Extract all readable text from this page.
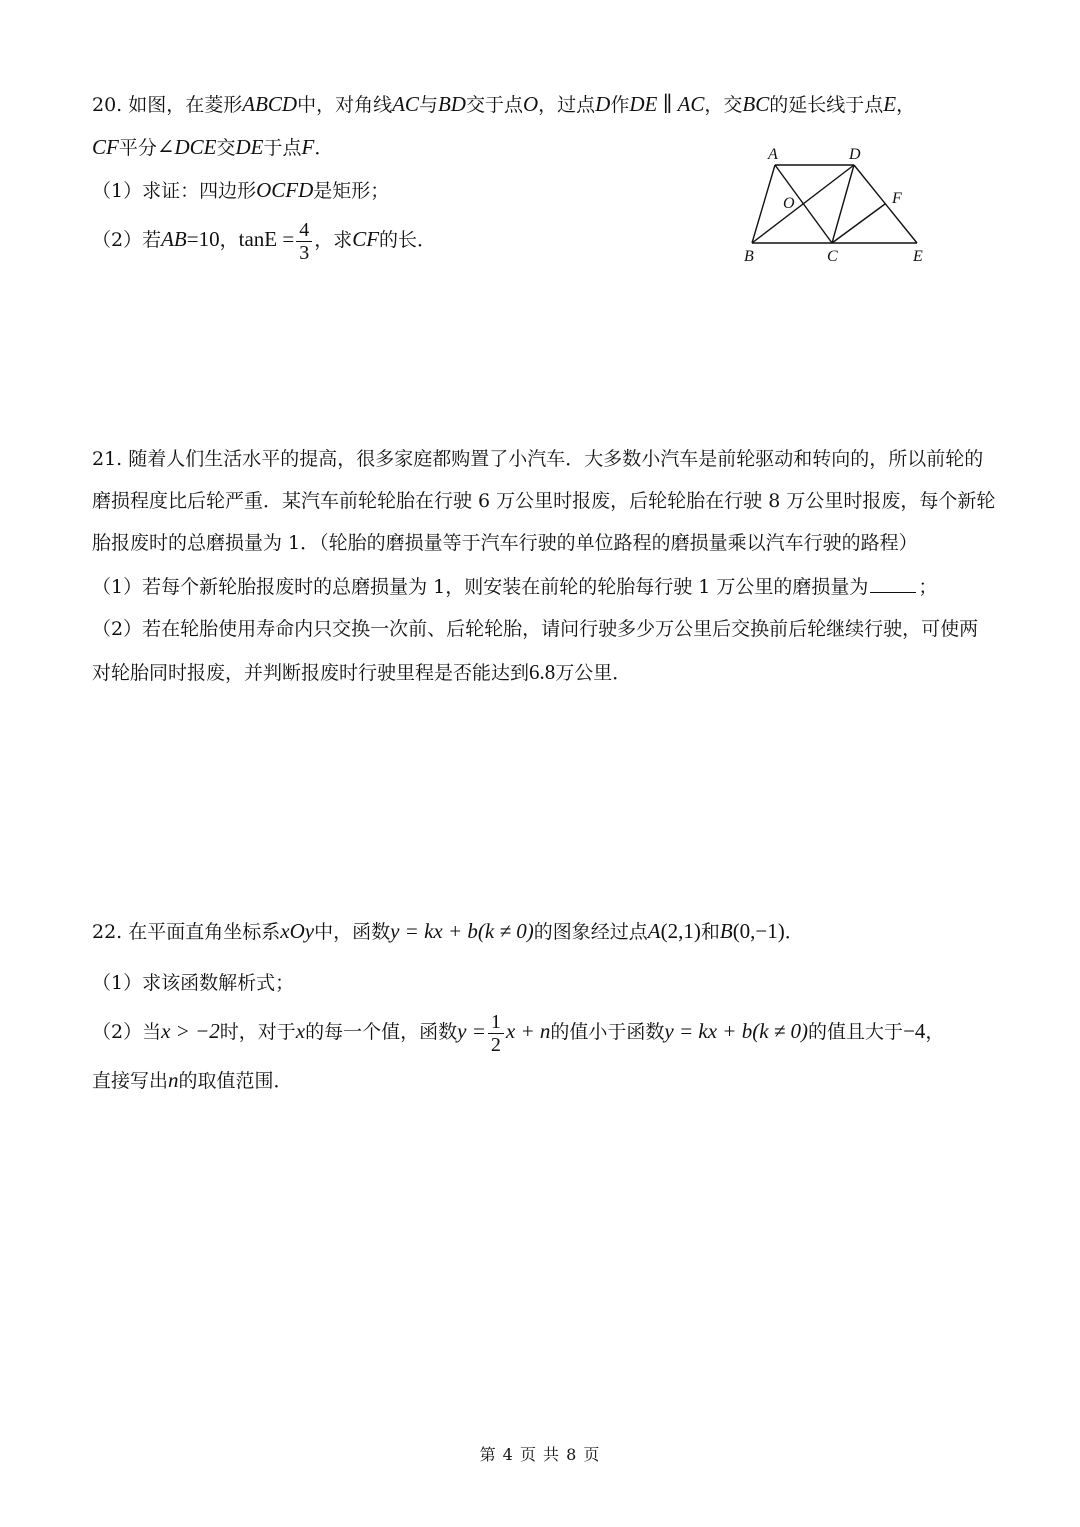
20. 如图，在菱形ABCD中，对角线AC与BD交于点O，过点D作DE ∥ AC，交BC的延长线于点E，
CF平分∠DCE交DE于点F．
（1）求证：四边形OCFD是矩形；
（2）若AB=10，$\tan E = \frac{4}{3}$ ，求CF的长．
A	D
O	F
B	C	E
21. 随着人们生活水平的提高，很多家庭都购置了小汽车．大多数小汽车是前轮驱动和转向的，所以前轮的
磨损程度比后轮严重．某汽车前轮轮胎在行驶 6 万公里时报废，后轮轮胎在行驶 8 万公里时报废，每个新轮
胎报废时的总磨损量为 1．（轮胎的磨损量等于汽车行驶的单位路程的磨损量乘以汽车行驶的路程）
（1）若每个新轮胎报废时的总磨损量为 1，则安装在前轮的轮胎每行驶 1 万公里的磨损量为	；
（2）若在轮胎使用寿命内只交换一次前、后轮轮胎，请问行驶多少万公里后交换前后轮继续行驶，可使两
对轮胎同时报废，并判断报废时行驶里程是否能达到6.8万公里．
22. 在平面直角坐标系xOy中，函数y = kx + b(k ≠ 0)的图象经过点A(2,1)和B(0,−1)．
（1）求该函数解析式；
（2）当x > −2时，对于x的每一个值，函数$y = \frac{1}{2}$ x + n的值小于函数y = kx + b(k ≠ 0)的值且大于−4，
直接写出n的取值范围．
第 4 页 共 8 页
